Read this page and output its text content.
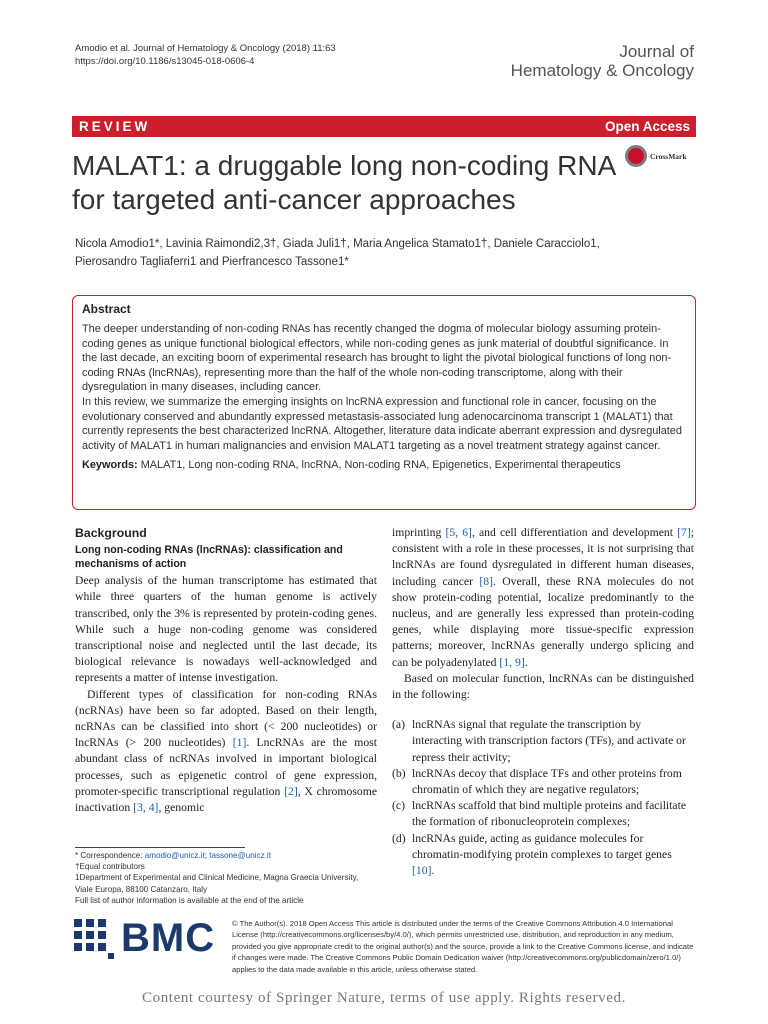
Amodio et al. Journal of Hematology & Oncology (2018) 11:63
https://doi.org/10.1186/s13045-018-0606-4
Journal of
Hematology & Oncology
REVIEW	Open Access
MALAT1: a druggable long non-coding RNA for targeted anti-cancer approaches
CrossMark
Nicola Amodio1*, Lavinia Raimondi2,3†, Giada Juli1†, Maria Angelica Stamato1†, Daniele Caracciolo1,
Pierosandro Tagliaferri1 and Pierfrancesco Tassone1*
Abstract

The deeper understanding of non-coding RNAs has recently changed the dogma of molecular biology assuming protein-coding genes as unique functional biological effectors, while non-coding genes as junk material of doubtful significance. In the last decade, an exciting boom of experimental research has brought to light the pivotal biological functions of long non-coding RNAs (lncRNAs), representing more than the half of the whole non-coding transcriptome, along with their dysregulation in many diseases, including cancer.

In this review, we summarize the emerging insights on lncRNA expression and functional role in cancer, focusing on the evolutionary conserved and abundantly expressed metastasis-associated lung adenocarcinoma transcript 1 (MALAT1) that currently represents the best characterized lncRNA. Altogether, literature data indicate aberrant expression and dysregulated activity of MALAT1 in human malignancies and envision MALAT1 targeting as a novel treatment strategy against cancer.

Keywords: MALAT1, Long non-coding RNA, lncRNA, Non-coding RNA, Epigenetics, Experimental therapeutics
Background
Long non-coding RNAs (lncRNAs): classification and mechanisms of action

Deep analysis of the human transcriptome has estimated that while three quarters of the human genome is actively transcribed, only the 3% is represented by protein-coding genes. While such a huge non-coding genome was considered transcriptional noise and neglected until the last decade, its biological relevance is nowadays well-acknowledged and represents a matter of intense investigation.

Different types of classification for non-coding RNAs (ncRNAs) have been so far adopted. Based on their length, ncRNAs can be classified into short (< 200 nucleotides) or lncRNAs (> 200 nucleotides) [1]. LncRNAs are the most abundant class of ncRNAs involved in important biological processes, such as epigenetic control of gene expression, promoter-specific transcriptional regulation [2], X chromosome inactivation [3, 4], genomic

imprinting [5, 6], and cell differentiation and development [7]; consistent with a role in these processes, it is not surprising that lncRNAs are found dysregulated in different human diseases, including cancer [8]. Overall, these RNA molecules do not show protein-coding potential, localize predominantly to the nucleus, and are generally less expressed than protein-coding genes, while displaying more tissue-specific expression patterns; moreover, lncRNAs generally undergo splicing and can be polyadenylated [1, 9].

Based on molecular function, lncRNAs can be distinguished in the following:

(a) lncRNAs signal that regulate the transcription by interacting with transcription factors (TFs), and activate or repress their activity;
(b) lncRNAs decoy that displace TFs and other proteins from chromatin of which they are negative regulators;
(c) lncRNAs scaffold that bind multiple proteins and facilitate the formation of ribonucleoprotein complexes;
(d) lncRNAs guide, acting as guidance molecules for chromatin-modifying protein complexes to target genes [10].
* Correspondence: amodio@unicz.it; tassone@unicz.it
†Equal contributors
1Department of Experimental and Clinical Medicine, Magna Graecia University, Viale Europa, 88100 Catanzaro, Italy
Full list of author information is available at the end of the article
BMC © The Author(s). 2018 Open Access This article is distributed under the terms of the Creative Commons Attribution 4.0 International License (http://creativecommons.org/licenses/by/4.0/), which permits unrestricted use, distribution, and reproduction in any medium, provided you give appropriate credit to the original author(s) and the source, provide a link to the Creative Commons license, and indicate if changes were made. The Creative Commons Public Domain Dedication waiver (http://creativecommons.org/publicdomain/zero/1.0/) applies to the data made available in this article, unless otherwise stated.
Content courtesy of Springer Nature, terms of use apply. Rights reserved.
